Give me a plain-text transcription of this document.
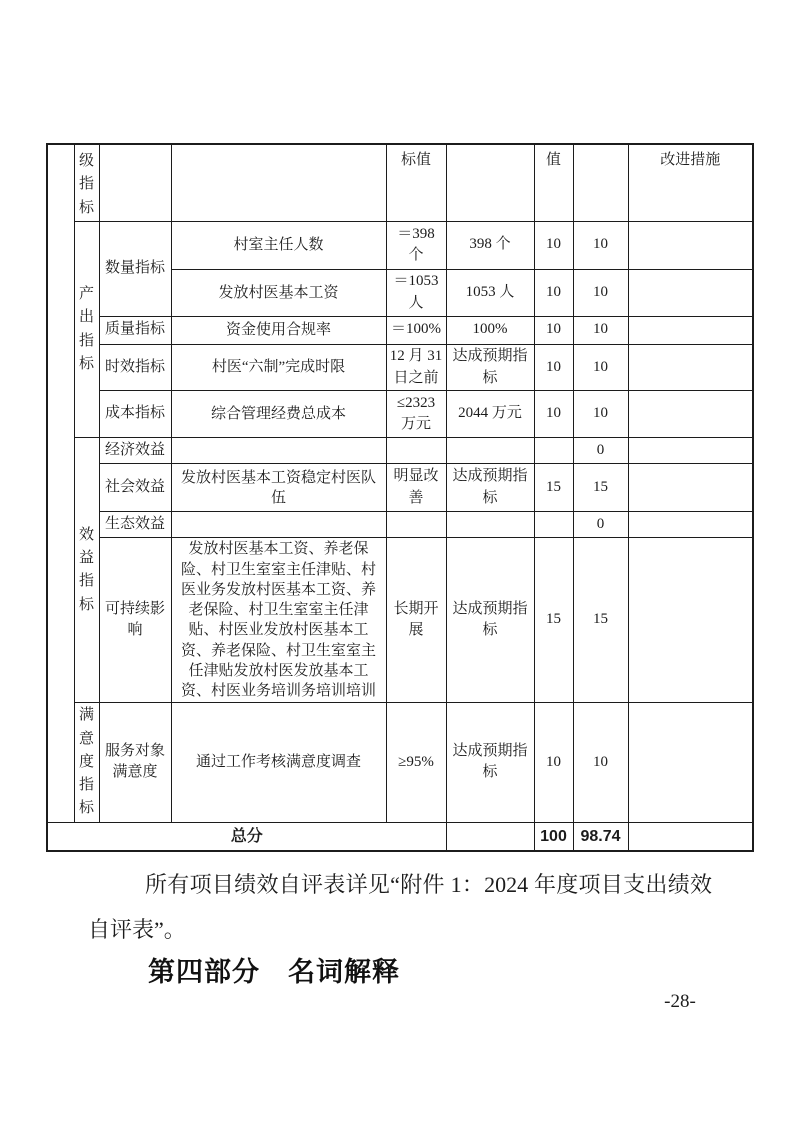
	级指标			标值		值		改进措施
	产出指标	数量指标	村室主任人数	＝398 个	398 个	10	10	
			发放村医基本工资	＝1053 人	1053 人	10	10	
		质量指标	资金使用合规率	＝100%	100%	10	10	
		时效指标	村医“六制”完成时限	12 月 31 日之前	达成预期指标	10	10	
		成本指标	综合管理经费总成本	≤2323 万元	2044 万元	10	10	
	效益指标	经济效益					0	
		社会效益	发放村医基本工资稳定村医队伍	明显改善	达成预期指标	15	15	
		生态效益					0	
		可持续影响	发放村医基本工资、养老保险、村卫生室室主任津贴、村医业务发放村医基本工资、养老保险、村卫生室室主任津贴、村医业发放村医基本工资、养老保险、村卫生室室主任津贴发放村医发放基本工资、村医业务培训务培训培训	长期开展	达成预期指标	15	15	
	满意度指标	服务对象满意度	通过工作考核满意度调查	≥95%	达成预期指标	10	10	
总分						100	98.74	

所有项目绩效自评表详见“附件 1：2024 年度项目支出绩效自评表”。

第四部分　名词解释
-28-
